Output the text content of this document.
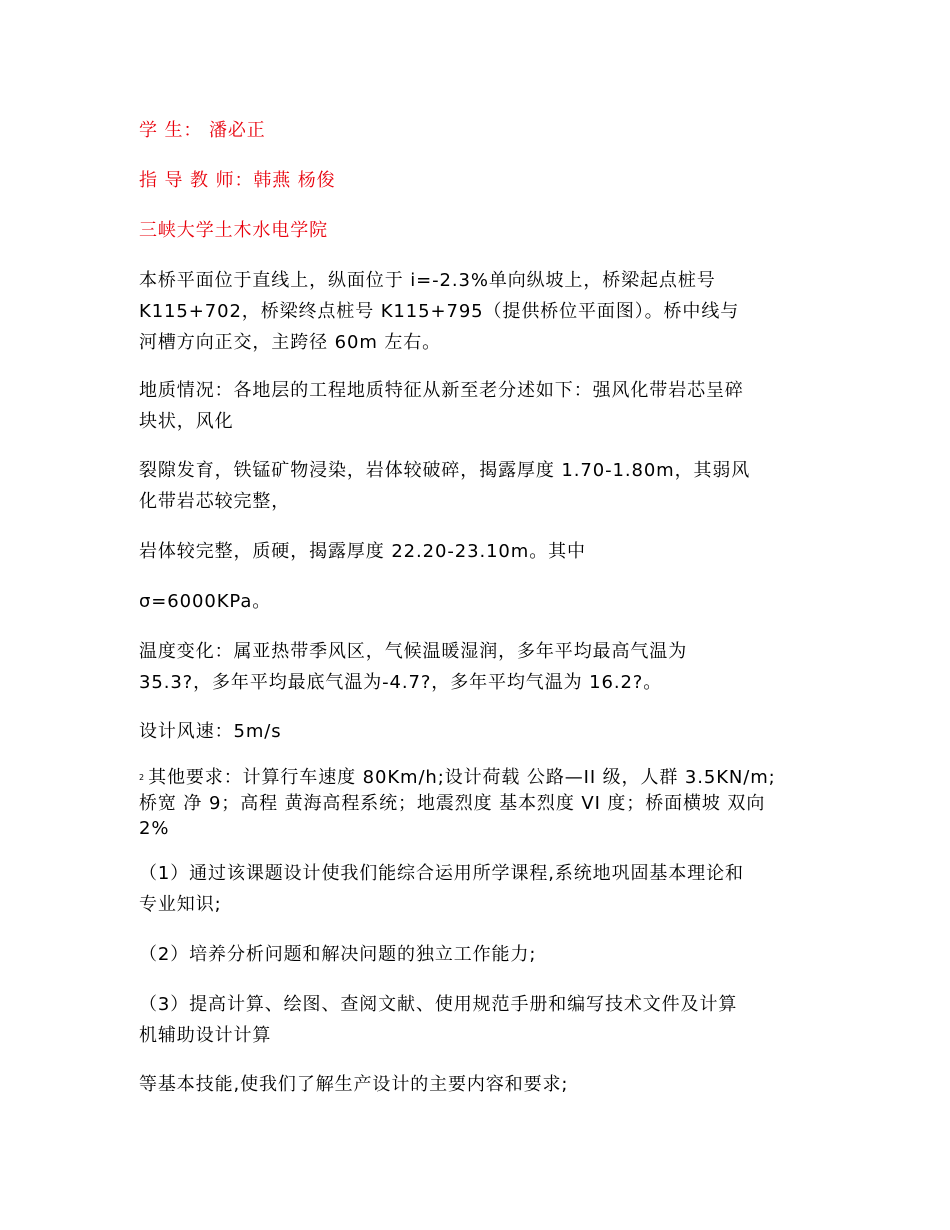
学 生： 潘必正
指 导 教 师：韩燕 杨俊
三峡大学土木水电学院
本桥平面位于直线上，纵面位于 i=-2.3%单向纵坡上，桥梁起点桩号
K115+702，桥梁终点桩号 K115+795（提供桥位平面图）。桥中线与
河槽方向正交，主跨径 60m 左右。
地质情况：各地层的工程地质特征从新至老分述如下：强风化带岩芯呈碎
块状，风化
裂隙发育，铁锰矿物浸染，岩体较破碎，揭露厚度 1.70-1.80m，其弱风
化带岩芯较完整，
岩体较完整，质硬，揭露厚度 22.20-23.10m。其中
σ=6000KPa。
温度变化：属亚热带季风区，气候温暖湿润，多年平均最高气温为
35.3?，多年平均最底气温为-4.7?，多年平均气温为 16.2?。
设计风速：5m/s
2 其他要求：计算行车速度 80Km/h;设计荷载 公路—II 级，人群 3.5KN/m;
桥宽 净 9；高程 黄海高程系统；地震烈度 基本烈度 VI 度；桥面横坡 双向
2%
（1）通过该课题设计使我们能综合运用所学课程,系统地巩固基本理论和
专业知识;
（2）培养分析问题和解决问题的独立工作能力;
（3）提高计算、绘图、查阅文献、使用规范手册和编写技术文件及计算
机辅助设计计算
等基本技能,使我们了解生产设计的主要内容和要求;
